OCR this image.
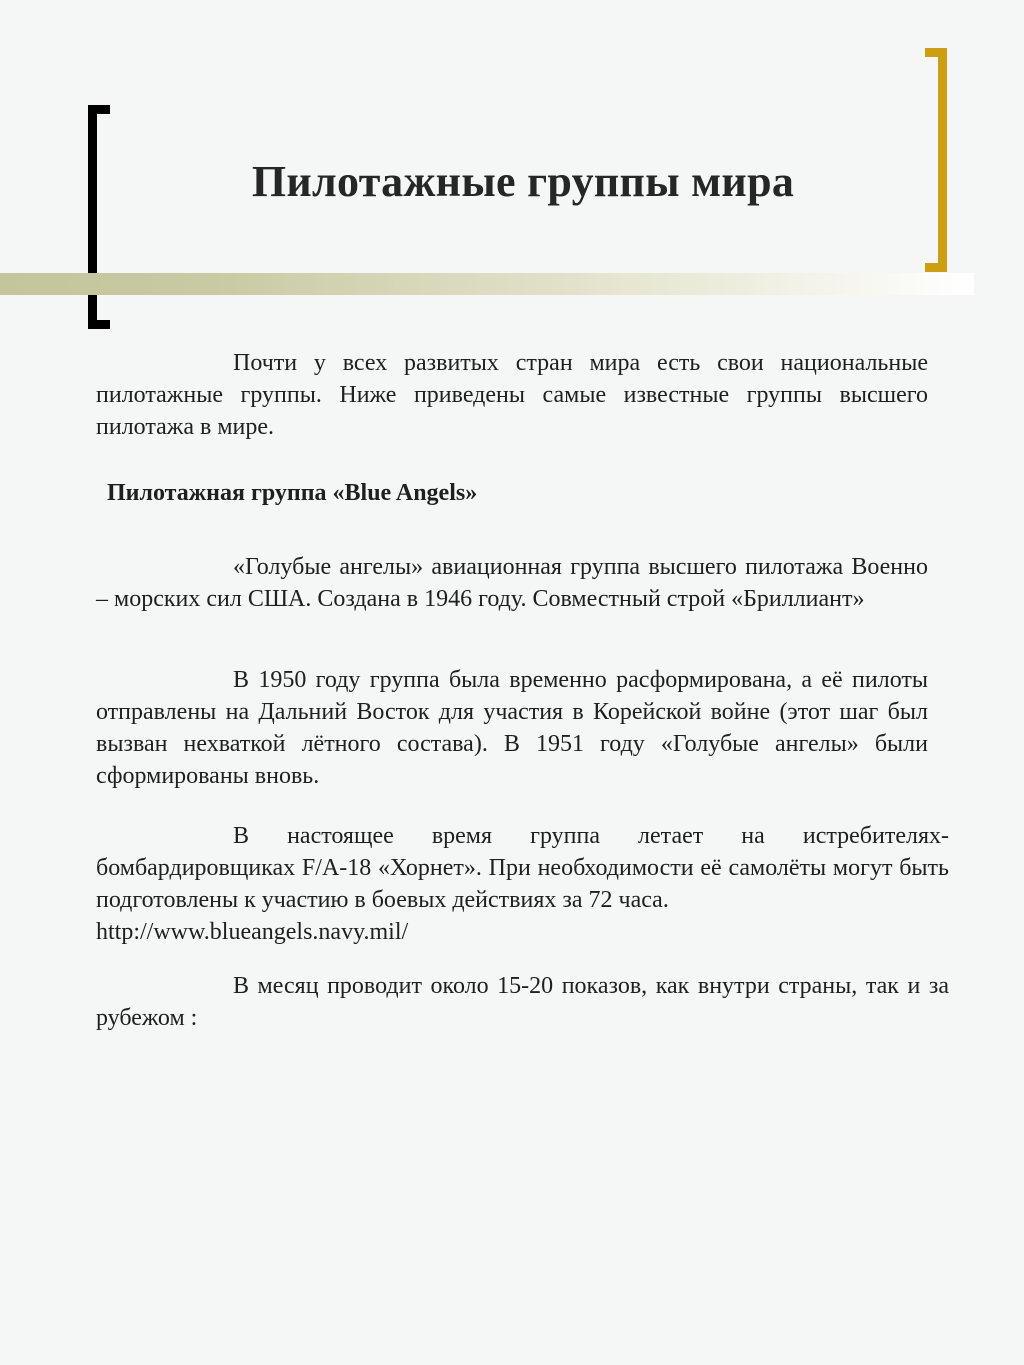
Пилотажные группы мира

Почти у всех развитых стран мира есть свои национальные пилотажные группы. Ниже приведены самые известные группы высшего пилотажа в мире.

Пилотажная группа «Blue Angels»

«Голубые ангелы» авиационная группа высшего пилотажа Военно – морских сил США. Создана в 1946 году. Совместный строй «Бриллиант»

В 1950 году группа была временно расформирована, а её пилоты отправлены на Дальний Восток для участия в Корейской войне (этот шаг был вызван нехваткой лётного состава). В 1951 году «Голубые ангелы» были сформированы вновь.

В настоящее время группа летает на истребителях-бомбардировщиках F/A-18 «Хорнет». При необходимости её самолёты могут быть подготовлены к участию в боевых действиях за 72 часа.
http://www.blueangels.navy.mil/

В месяц проводит около 15-20 показов, как внутри страны, так и за рубежом :
